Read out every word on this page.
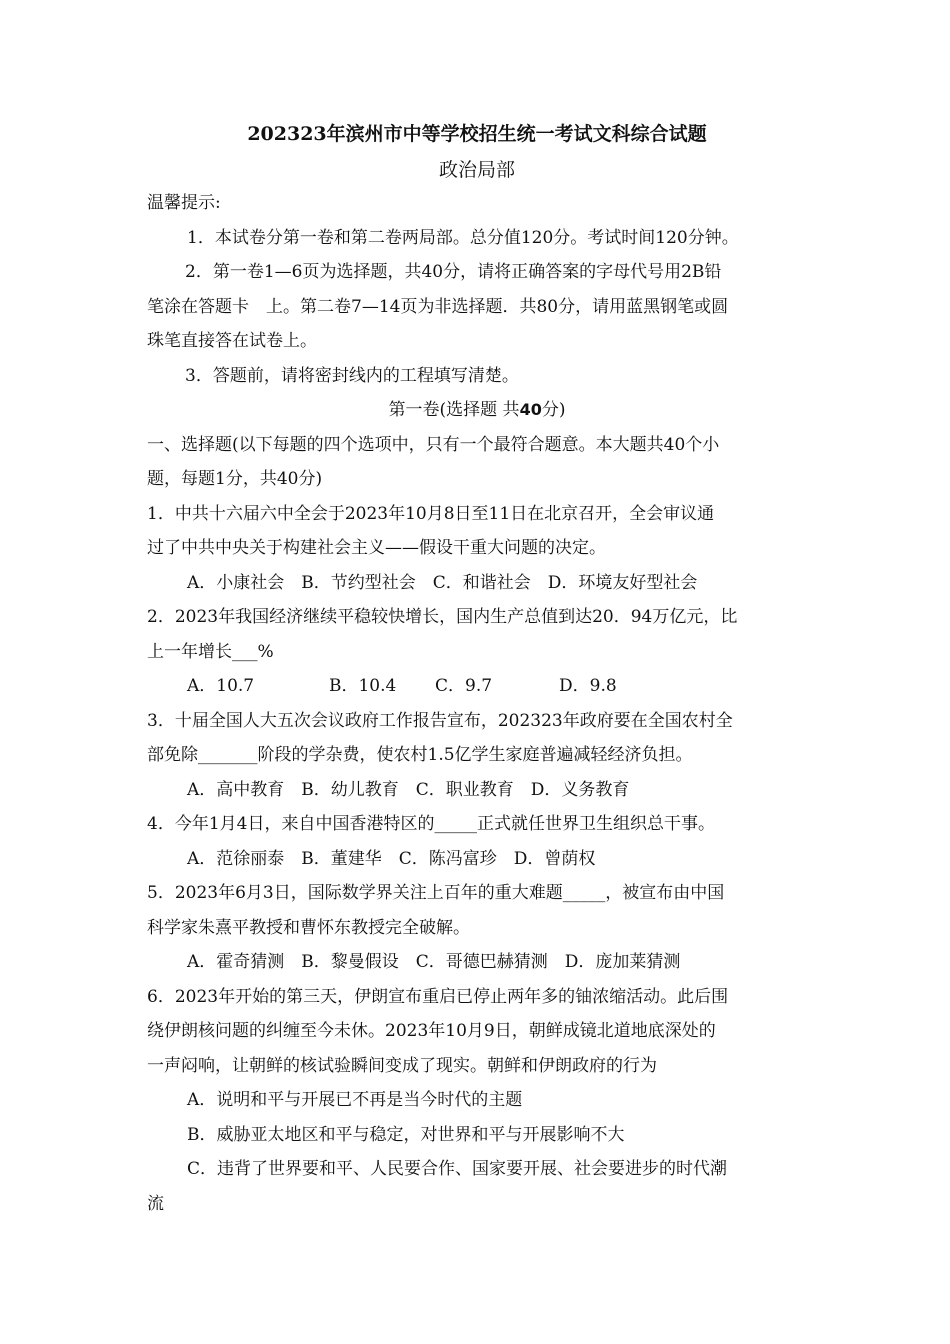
202323年滨州市中等学校招生统一考试文科综合试题

政治局部

温馨提示:

1．本试卷分第一卷和第二卷两局部。总分值120分。考试时间120分钟。

2．第一卷1—6页为选择题，共40分，请将正确答案的字母代号用2B铅

笔涂在答题卡　上。第二卷7—14页为非选择题．共80分，请用蓝黑钢笔或圆

珠笔直接答在试卷上。

3．答题前，请将密封线内的工程填写清楚。

第一卷(选择题 共40分)

一、选择题(以下每题的四个选项中，只有一个最符合题意。本大题共40个小

题，每题1分，共40分)

1．中共十六届六中全会于2023年10月8日至11日在北京召开，全会审议通

过了中共中央关于构建社会主义——假设干重大问题的决定。

A．小康社会　B．节约型社会　C．和谐社会　D．环境友好型社会

2．2023年我国经济继续平稳较快增长，国内生产总值到达20．94万亿元，比

上一年增长___%

A．10.7	B．10.4 C．9.7	D．9.8

3．十届全国人大五次会议政府工作报告宣布，202323年政府要在全国农村全

部免除_______阶段的学杂费，使农村1.5亿学生家庭普遍减轻经济负担。

A．高中教育　B．幼儿教育　C．职业教育　D．义务教育

4．今年1月4日，来自中国香港特区的_____正式就任世界卫生组织总干事。

A．范徐丽泰　B．董建华　C．陈冯富珍　D．曾荫权

5．2023年6月3日，国际数学界关注上百年的重大难题_____，被宣布由中国

科学家朱熹平教授和曹怀东教授完全破解。

A．霍奇猜测　B．黎曼假设　C．哥德巴赫猜测　D．庞加莱猜测

6．2023年开始的第三天，伊朗宣布重启已停止两年多的铀浓缩活动。此后围

绕伊朗核问题的纠缠至今未休。2023年10月9日，朝鲜成镜北道地底深处的

一声闷响，让朝鲜的核试验瞬间变成了现实。朝鲜和伊朗政府的行为

A．说明和平与开展已不再是当今时代的主题

B．威胁亚太地区和平与稳定，对世界和平与开展影响不大

C．违背了世界要和平、人民要合作、国家要开展、社会要进步的时代潮

流
